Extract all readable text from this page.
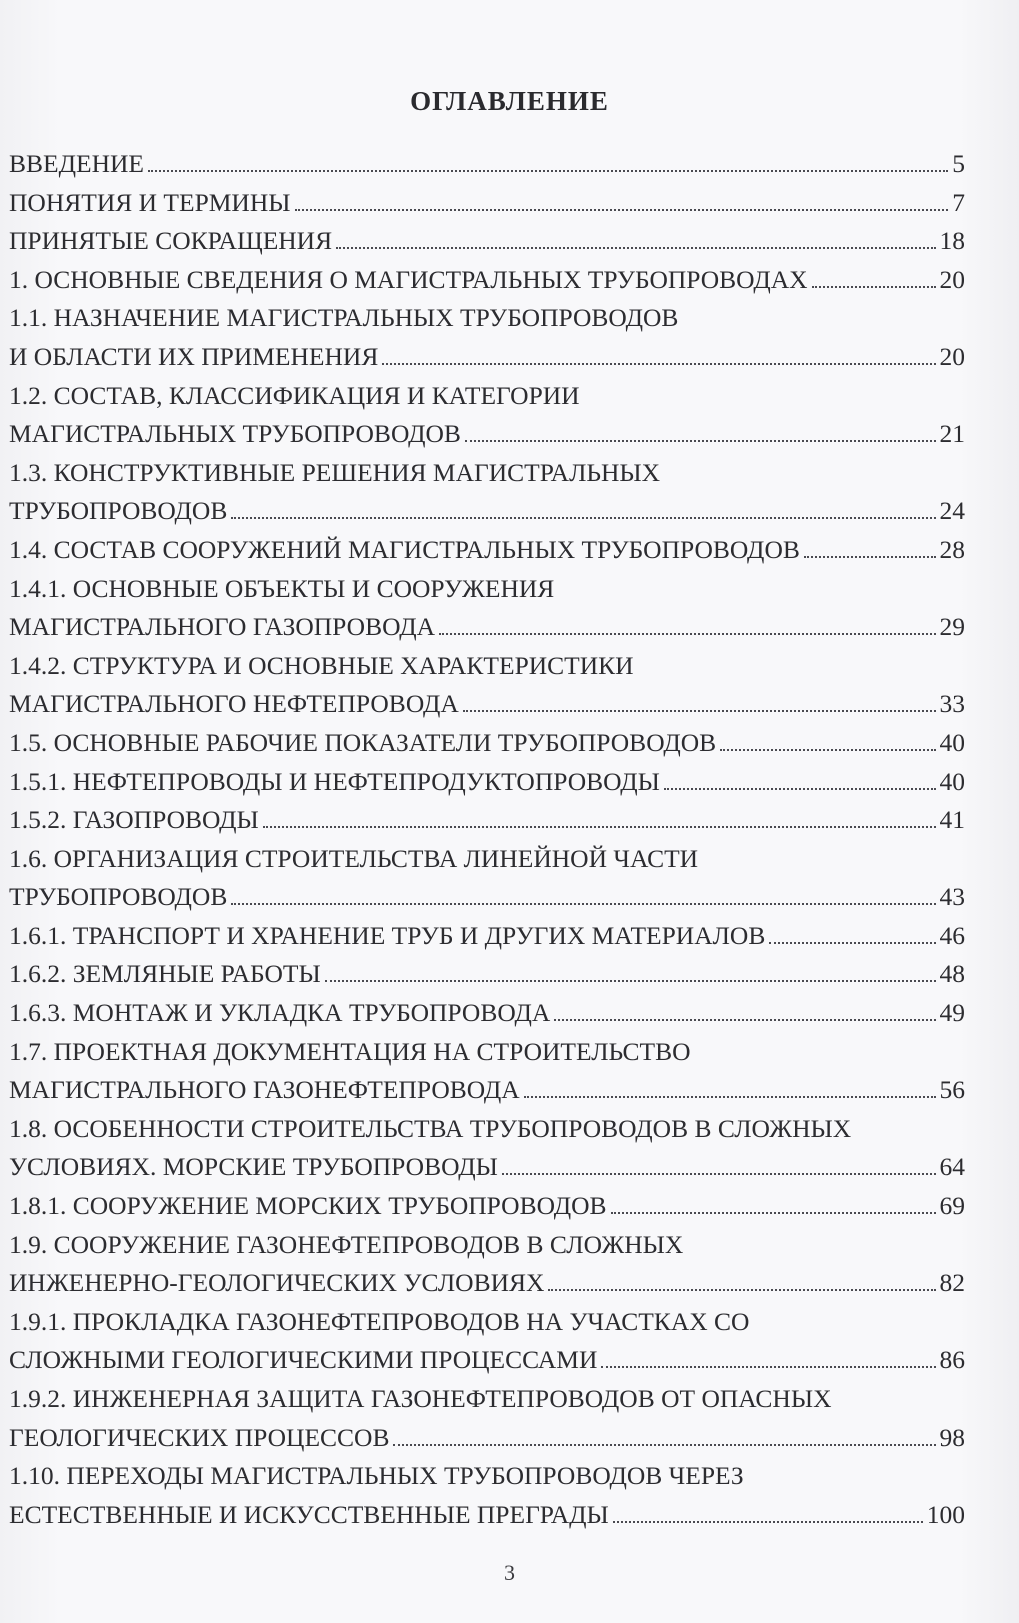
ОГЛАВЛЕНИЕ
ВВЕДЕНИЕ	5
ПОНЯТИЯ И ТЕРМИНЫ	7
ПРИНЯТЫЕ СОКРАЩЕНИЯ	18
1. ОСНОВНЫЕ СВЕДЕНИЯ О МАГИСТРАЛЬНЫХ ТРУБОПРОВОДАХ	20
1.1. НАЗНАЧЕНИЕ МАГИСТРАЛЬНЫХ ТРУБОПРОВОДОВ
И ОБЛАСТИ ИХ ПРИМЕНЕНИЯ	20
1.2. СОСТАВ, КЛАССИФИКАЦИЯ И КАТЕГОРИИ
МАГИСТРАЛЬНЫХ ТРУБОПРОВОДОВ	21
1.3. КОНСТРУКТИВНЫЕ РЕШЕНИЯ МАГИСТРАЛЬНЫХ
ТРУБОПРОВОДОВ	24
1.4. СОСТАВ СООРУЖЕНИЙ МАГИСТРАЛЬНЫХ ТРУБОПРОВОДОВ	28
1.4.1. ОСНОВНЫЕ ОБЪЕКТЫ И СООРУЖЕНИЯ
МАГИСТРАЛЬНОГО ГАЗОПРОВОДА	29
1.4.2. СТРУКТУРА И ОСНОВНЫЕ ХАРАКТЕРИСТИКИ
МАГИСТРАЛЬНОГО НЕФТЕПРОВОДА	33
1.5. ОСНОВНЫЕ РАБОЧИЕ ПОКАЗАТЕЛИ ТРУБОПРОВОДОВ	40
1.5.1. НЕФТЕПРОВОДЫ И НЕФТЕПРОДУКТОПРОВОДЫ	40
1.5.2. ГАЗОПРОВОДЫ	41
1.6. ОРГАНИЗАЦИЯ СТРОИТЕЛЬСТВА ЛИНЕЙНОЙ ЧАСТИ
ТРУБОПРОВОДОВ	43
1.6.1. ТРАНСПОРТ И ХРАНЕНИЕ ТРУБ И ДРУГИХ МАТЕРИАЛОВ	46
1.6.2. ЗЕМЛЯНЫЕ РАБОТЫ	48
1.6.3. МОНТАЖ И УКЛАДКА ТРУБОПРОВОДА	49
1.7. ПРОЕКТНАЯ ДОКУМЕНТАЦИЯ НА СТРОИТЕЛЬСТВО
МАГИСТРАЛЬНОГО ГАЗОНЕФТЕПРОВОДА	56
1.8. ОСОБЕННОСТИ СТРОИТЕЛЬСТВА ТРУБОПРОВОДОВ В СЛОЖНЫХ
УСЛОВИЯХ. МОРСКИЕ ТРУБОПРОВОДЫ	64
1.8.1. СООРУЖЕНИЕ МОРСКИХ ТРУБОПРОВОДОВ	69
1.9. СООРУЖЕНИЕ ГАЗОНЕФТЕПРОВОДОВ В СЛОЖНЫХ
ИНЖЕНЕРНО-ГЕОЛОГИЧЕСКИХ УСЛОВИЯХ	82
1.9.1. ПРОКЛАДКА ГАЗОНЕФТЕПРОВОДОВ НА УЧАСТКАХ СО
СЛОЖНЫМИ ГЕОЛОГИЧЕСКИМИ ПРОЦЕССАМИ	86
1.9.2. ИНЖЕНЕРНАЯ ЗАЩИТА ГАЗОНЕФТЕПРОВОДОВ ОТ ОПАСНЫХ
ГЕОЛОГИЧЕСКИХ ПРОЦЕССОВ	98
1.10. ПЕРЕХОДЫ МАГИСТРАЛЬНЫХ ТРУБОПРОВОДОВ ЧЕРЕЗ
ЕСТЕСТВЕННЫЕ И ИСКУССТВЕННЫЕ ПРЕГРАДЫ	100
3
